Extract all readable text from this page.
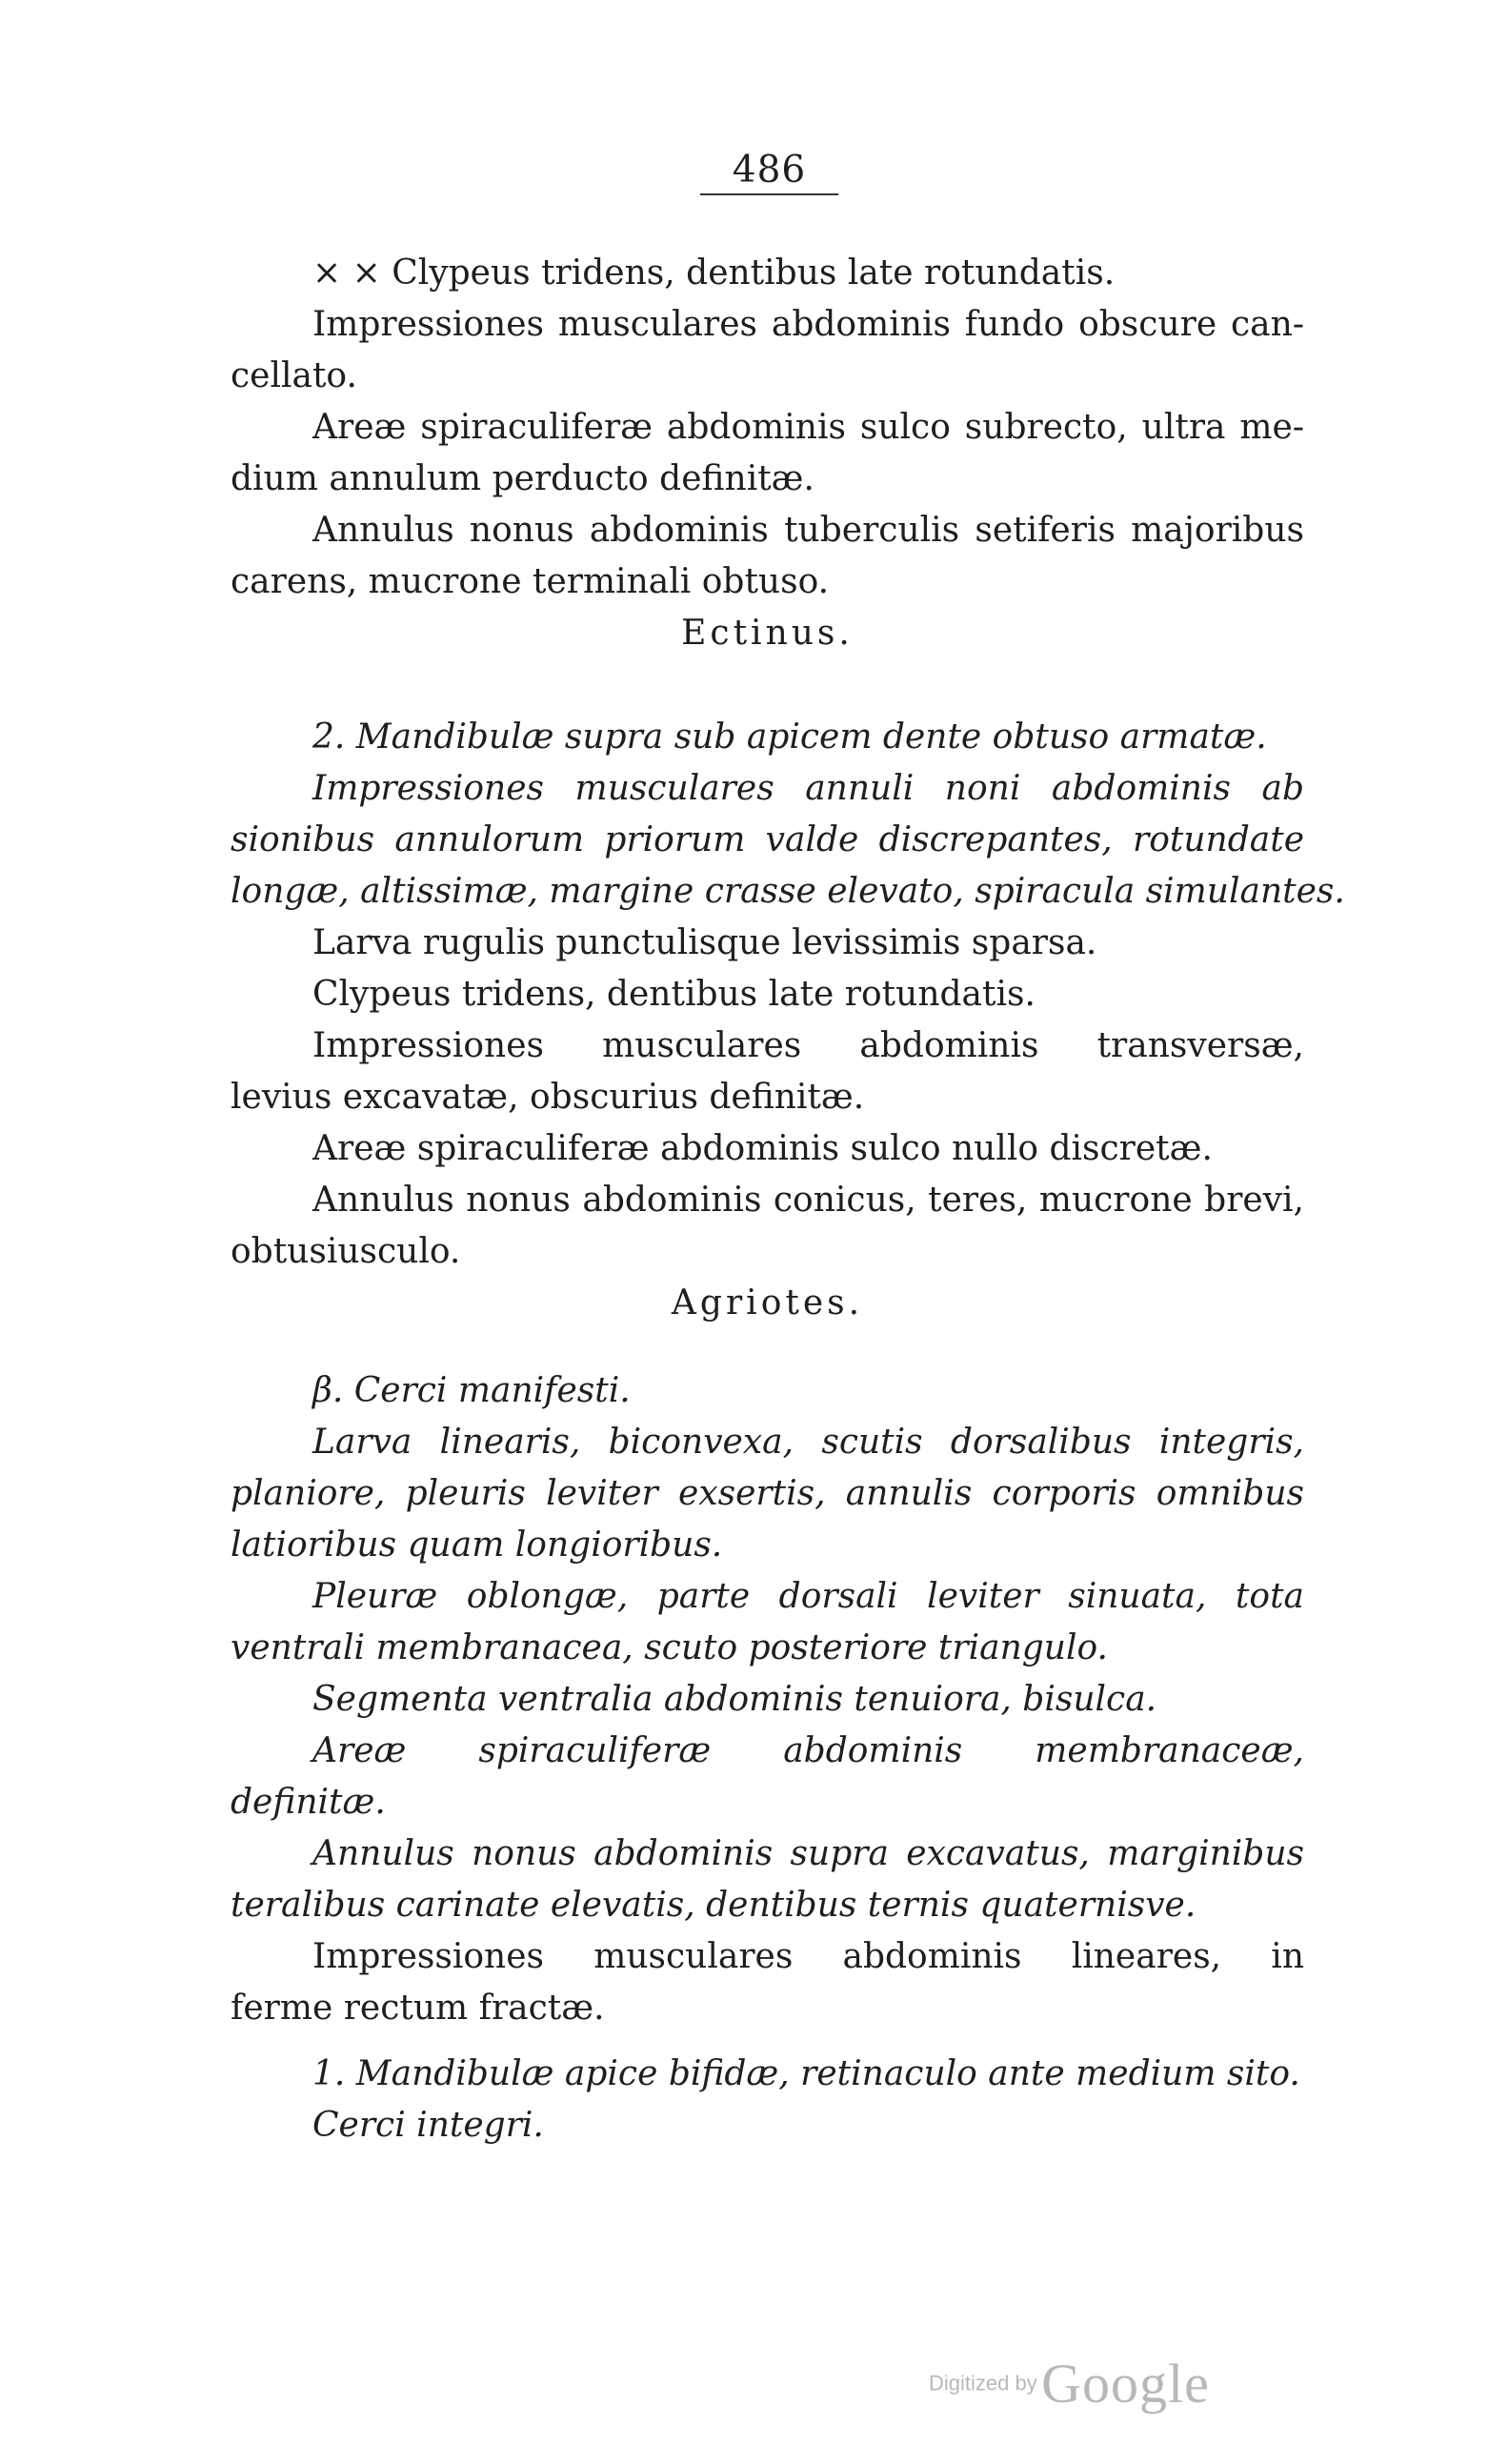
486
× × Clypeus tridens, dentibus late rotundatis.
Impressiones musculares abdominis fundo obscure can-
cellato.
Areæ spiraculiferæ abdominis sulco subrecto, ultra me-
dium annulum perducto definitæ.
Annulus nonus abdominis tuberculis setiferis majoribus
carens, mucrone terminali obtuso.
Ectinus.
2. Mandibulæ supra sub apicem dente obtuso armatæ.
Impressiones musculares annuli noni abdominis ab
sionibus annulorum priorum valde discrepantes, rotundate
longæ, altissimæ, margine crasse elevato, spiracula simulantes.
Larva rugulis punctulisque levissimis sparsa.
Clypeus tridens, dentibus late rotundatis.
Impressiones musculares abdominis transversæ,
levius excavatæ, obscurius definitæ.
Areæ spiraculiferæ abdominis sulco nullo discretæ.
Annulus nonus abdominis conicus, teres, mucrone brevi,
obtusiusculo.
Agriotes.
β. Cerci manifesti.
Larva linearis, biconvexa, scutis dorsalibus integris,
planiore, pleuris leviter exsertis, annulis corporis omnibus
latioribus quam longioribus.
Pleuræ oblongæ, parte dorsali leviter sinuata, tota
ventrali membranacea, scuto posteriore triangulo.
Segmenta ventralia abdominis tenuiora, bisulca.
Areæ spiraculiferæ abdominis membranaceæ,
definitæ.
Annulus nonus abdominis supra excavatus, marginibus
teralibus carinate elevatis, dentibus ternis quaternisve.
Impressiones musculares abdominis lineares, in
ferme rectum fractæ.
1. Mandibulæ apice bifidæ, retinaculo ante medium sito.
Cerci integri.
Digitized by Google
